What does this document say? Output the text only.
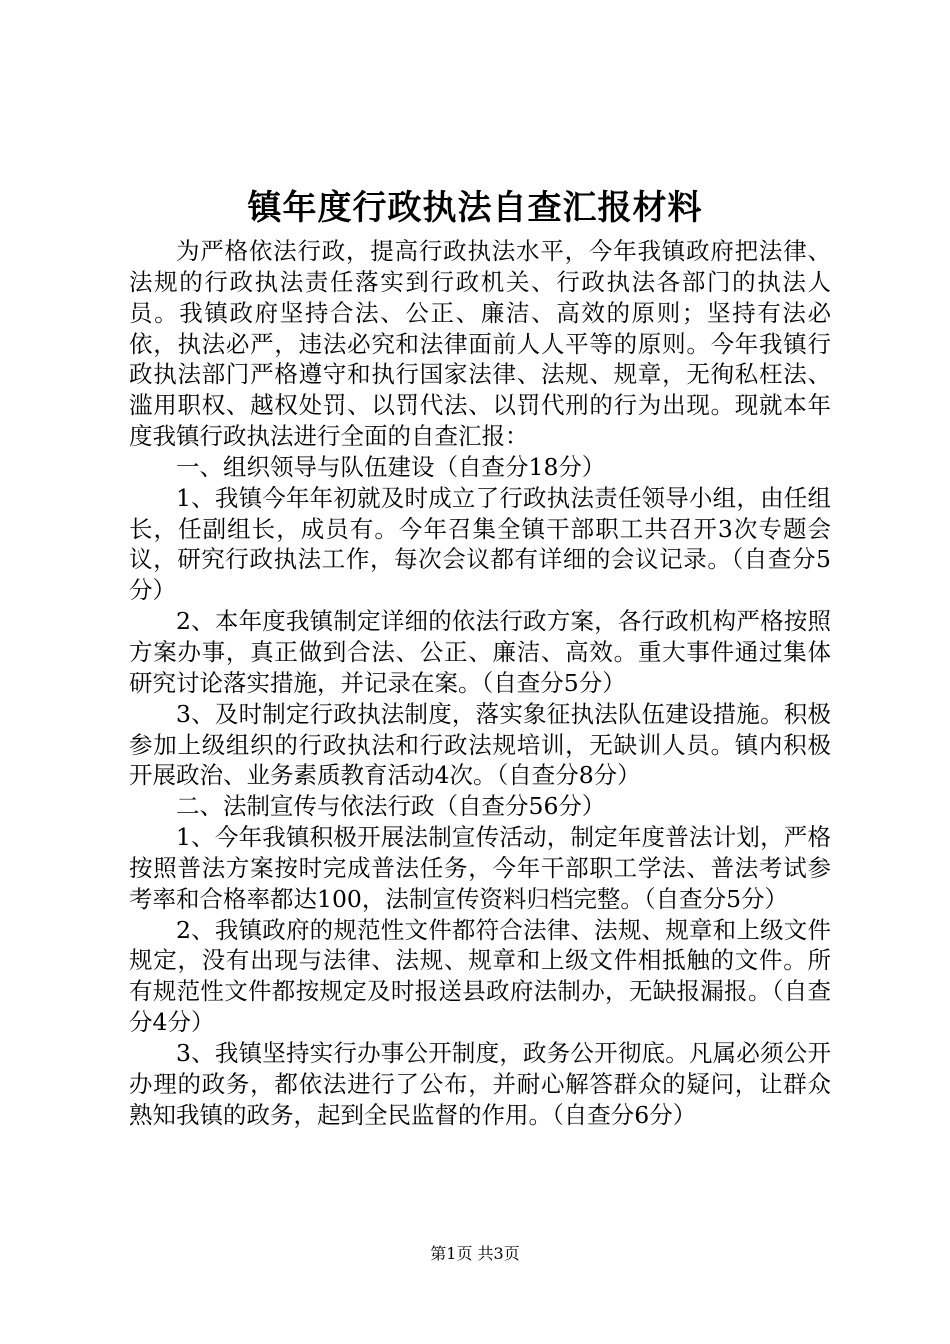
镇年度行政执法自查汇报材料

为严格依法行政，提高行政执法水平，今年我镇政府把法律、法规的行政执法责任落实到行政机关、行政执法各部门的执法人员。我镇政府坚持合法、公正、廉洁、高效的原则；坚持有法必依，执法必严，违法必究和法律面前人人平等的原则。今年我镇行政执法部门严格遵守和执行国家法律、法规、规章，无徇私枉法、滥用职权、越权处罚、以罚代法、以罚代刑的行为出现。现就本年度我镇行政执法进行全面的自查汇报：

一、组织领导与队伍建设（自查分18分）

1、我镇今年年初就及时成立了行政执法责任领导小组，由任组长，任副组长，成员有。今年召集全镇干部职工共召开3次专题会议，研究行政执法工作，每次会议都有详细的会议记录。（自查分5分）

2、本年度我镇制定详细的依法行政方案，各行政机构严格按照方案办事，真正做到合法、公正、廉洁、高效。重大事件通过集体研究讨论落实措施，并记录在案。（自查分5分）

3、及时制定行政执法制度，落实象征执法队伍建设措施。积极参加上级组织的行政执法和行政法规培训，无缺训人员。镇内积极开展政治、业务素质教育活动4次。（自查分8分）

二、法制宣传与依法行政（自查分56分）

1、今年我镇积极开展法制宣传活动，制定年度普法计划，严格按照普法方案按时完成普法任务，今年干部职工学法、普法考试参考率和合格率都达100，法制宣传资料归档完整。（自查分5分）

2、我镇政府的规范性文件都符合法律、法规、规章和上级文件规定，没有出现与法律、法规、规章和上级文件相抵触的文件。所有规范性文件都按规定及时报送县政府法制办，无缺报漏报。（自查分4分）

3、我镇坚持实行办事公开制度，政务公开彻底。凡属必须公开办理的政务，都依法进行了公布，并耐心解答群众的疑问，让群众熟知我镇的政务，起到全民监督的作用。（自查分6分）

第1页 共3页
